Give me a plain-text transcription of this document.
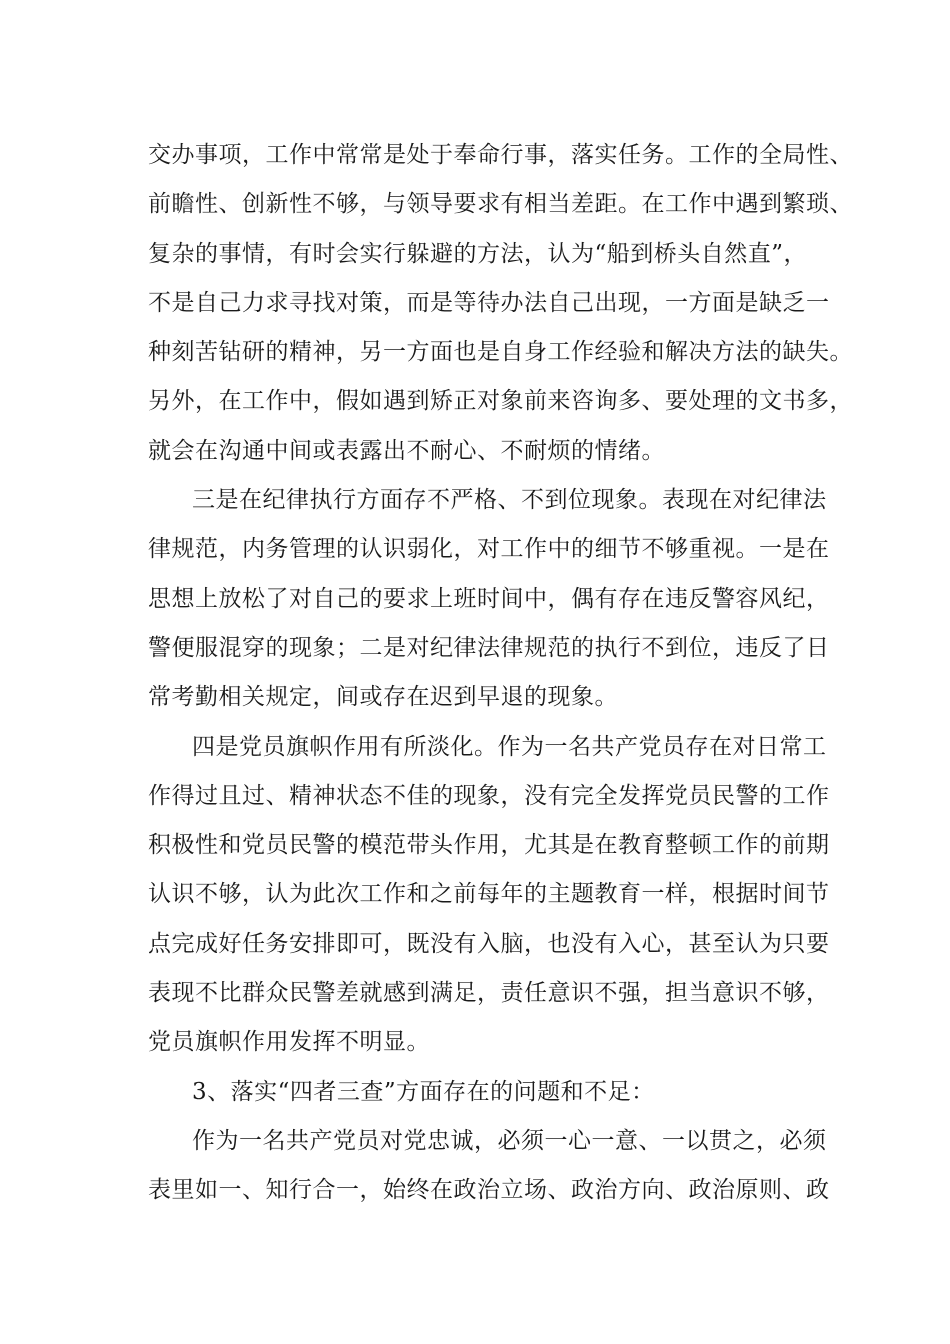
交办事项，工作中常常是处于奉命行事，落实任务。工作的全局性、
前瞻性、创新性不够，与领导要求有相当差距。在工作中遇到繁琐、
复杂的事情，有时会实行躲避的方法，认为“船到桥头自然直”，
不是自己力求寻找对策，而是等待办法自己出现，一方面是缺乏一
种刻苦钻研的精神，另一方面也是自身工作经验和解决方法的缺失。
另外，在工作中，假如遇到矫正对象前来咨询多、要处理的文书多，
就会在沟通中间或表露出不耐心、不耐烦的情绪。
三是在纪律执行方面存不严格、不到位现象。表现在对纪律法
律规范，内务管理的认识弱化，对工作中的细节不够重视。一是在
思想上放松了对自己的要求上班时间中，偶有存在违反警容风纪，
警便服混穿的现象；二是对纪律法律规范的执行不到位，违反了日
常考勤相关规定，间或存在迟到早退的现象。
四是党员旗帜作用有所淡化。作为一名共产党员存在对日常工
作得过且过、精神状态不佳的现象，没有完全发挥党员民警的工作
积极性和党员民警的模范带头作用，尤其是在教育整顿工作的前期
认识不够，认为此次工作和之前每年的主题教育一样，根据时间节
点完成好任务安排即可，既没有入脑，也没有入心，甚至认为只要
表现不比群众民警差就感到满足，责任意识不强，担当意识不够，
党员旗帜作用发挥不明显。
3、落实“四者三查”方面存在的问题和不足：
作为一名共产党员对党忠诚，必须一心一意、一以贯之，必须
表里如一、知行合一，始终在政治立场、政治方向、政治原则、政
